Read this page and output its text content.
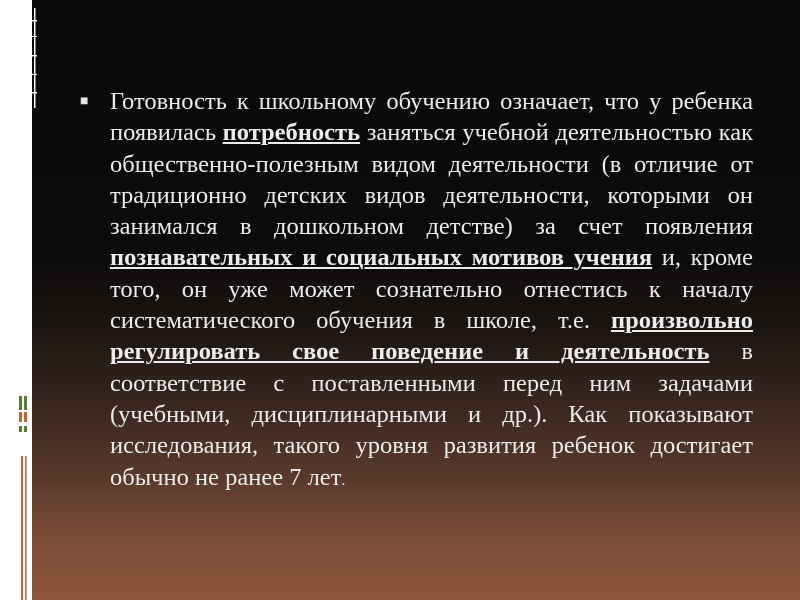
■ Готовность к школьному обучению означает, что у ребенка появилась потребность заняться учебной деятельностью как общественно-полезным видом деятельности (в отличие от традиционно детских видов деятельности, которыми он занимался в дошкольном детстве) за счет появления познавательных и социальных мотивов учения и, кроме того, он уже может сознательно отнестись к началу систематического обучения в школе, т.е. произвольно регулировать свое поведение и деятельность в соответствие с поставленными перед ним задачами (учебными, дисциплинарными и др.). Как показывают исследования, такого уровня развития ребенок достигает обычно не ранее 7 лет.
